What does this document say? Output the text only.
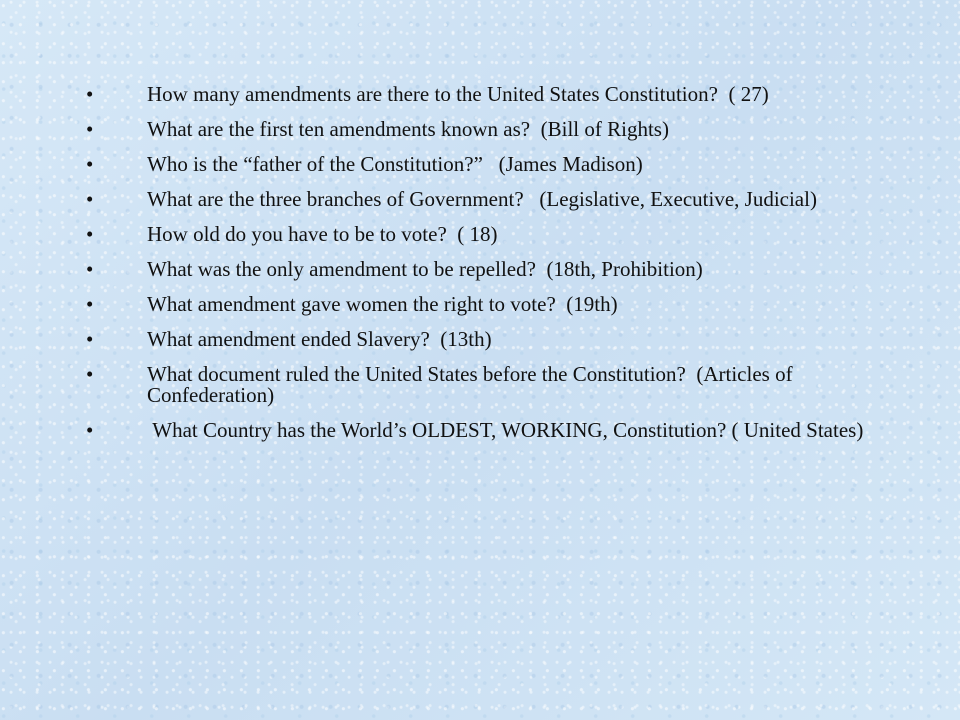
•	How many amendments are there to the United States Constitution?  ( 27)
•	What are the first ten amendments known as?  (Bill of Rights)
•	Who is the “father of the Constitution?”   (James Madison)
•	What are the three branches of Government?   (Legislative, Executive, Judicial)
•	How old do you have to be to vote?  ( 18)
•	What was the only amendment to be repelled?  (18th, Prohibition)
•	What amendment gave women the right to vote?  (19th)
•	What amendment ended Slavery?  (13th)
•	What document ruled the United States before the Constitution?  (Articles of Confederation)
•	What Country has the World’s OLDEST, WORKING, Constitution? ( United States)
